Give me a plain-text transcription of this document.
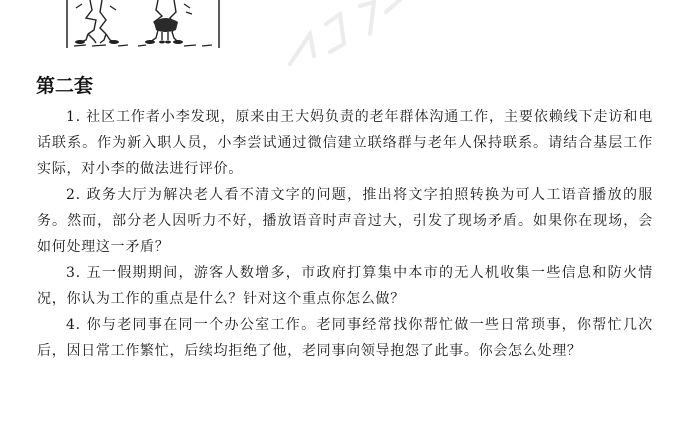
第二套

1. 社区工作者小李发现，原来由王大妈负责的老年群体沟通工作，主要依赖线下走访和电话联系。作为新入职人员，小李尝试通过微信建立联络群与老年人保持联系。请结合基层工作实际，对小李的做法进行评价。

2. 政务大厅为解决老人看不清文字的问题，推出将文字拍照转换为可人工语音播放的服务。然而，部分老人因听力不好，播放语音时声音过大，引发了现场矛盾。如果你在现场，会如何处理这一矛盾？

3. 五一假期期间，游客人数增多，市政府打算集中本市的无人机收集一些信息和防火情况，你认为工作的重点是什么？针对这个重点你怎么做？

4. 你与老同事在同一个办公室工作。老同事经常找你帮忙做一些日常琐事，你帮忙几次后，因日常工作繁忙，后续均拒绝了他，老同事向领导抱怨了此事。你会怎么处理？
